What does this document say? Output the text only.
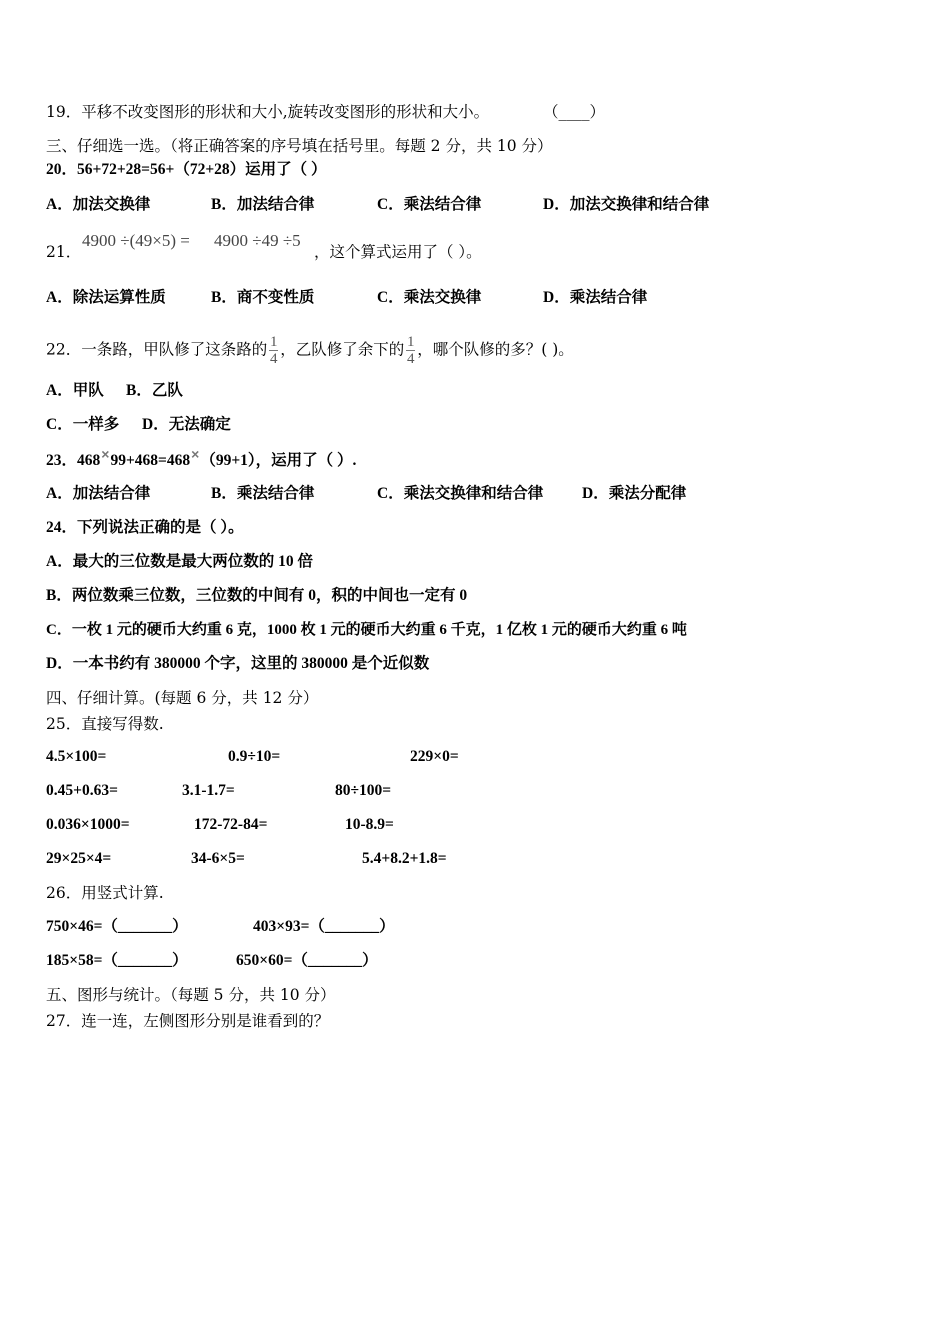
19．平移不改变图形的形状和大小,旋转改变图形的形状和大小。	（____）
三、仔细选一选。（将正确答案的序号填在括号里。每题 2 分，共 10 分）
20．56+72+28=56+（72+28）运用了（ ）
A．加法交换律	B．加法结合律	C．乘法结合律	D．加法交换律和结合律
21．
4900 ÷(49×5) = 4900 ÷49 ÷5
，这个算式运用了（ ）。
A．除法运算性质	B．商不变性质	C．乘法交换律	D．乘法结合律
22．一条路，甲队修了这条路的 $\frac{1}{4}$ ，乙队修了余下的 $\frac{1}{4}$ ，哪个队修的多？( )。
A．甲队 B．乙队
C．一样多 D．无法确定
23．468×99+468=468×（99+1），运用了（ ）.
A．加法结合律	B．乘法结合律	C．乘法交换律和结合律	D．乘法分配律
24．下列说法正确的是（ ）。
A．最大的三位数是最大两位数的 10 倍
B．两位数乘三位数，三位数的中间有 0，积的中间也一定有 0
C．一枚 1 元的硬币大约重 6 克，1000 枚 1 元的硬币大约重 6 千克，1 亿枚 1 元的硬币大约重 6 吨
D．一本书约有 380000 个字，这里的 380000 是个近似数
四、仔细计算。(每题 6 分，共 12 分）
25．直接写得数.
4.5×100=	0.9÷10=	229×0=
0.45+0.63=	3.1-1.7=	80÷100=
0.036×1000=	172-72-84=	10-8.9=
29×25×4=	34-6×5=	5.4+8.2+1.8=
26．用竖式计算.
750×46=（_______）	403×93=（_______）
185×58=（_______）	650×60=（_______）
五、图形与统计。（每题 5 分，共 10 分）
27．连一连，左侧图形分别是谁看到的？
